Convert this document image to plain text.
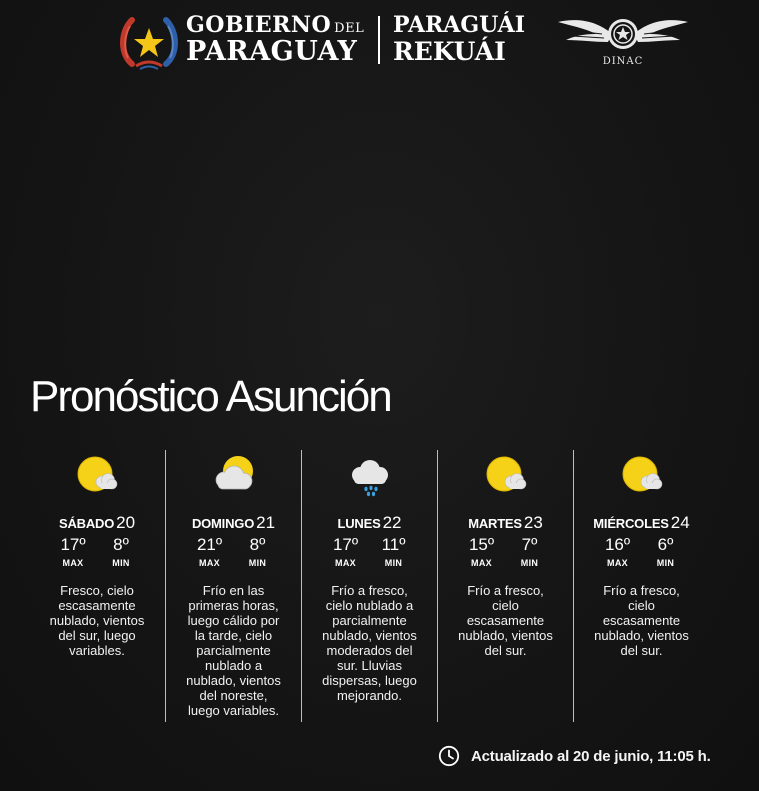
GOBIERNO DEL
PARAGUAY
PARAGUÁI
REKUÁI	DINAC
Pronóstico Asunción
SÁBADO 20
17º
MAX
8º
MIN
Fresco, cielo escasamente nublado, vientos del sur, luego variables.
DOMINGO 21
21º
MAX
8º
MIN
Frío en las primeras horas, luego cálido por la tarde, cielo parcialmente nublado a nublado, vientos del noreste, luego variables.
LUNES 22
17º
MAX
11º
MIN
Frío a fresco, cielo nublado a parcialmente nublado, vientos moderados del sur. Lluvias dispersas, luego mejorando.
MARTES 23
15º
MAX
7º
MIN
Frío a fresco, cielo escasamente nublado, vientos del sur.
MIÉRCOLES 24
16º
MAX
6º
MIN
Frío a fresco, cielo escasamente nublado, vientos del sur.
Actualizado al 20 de junio, 11:05 h.
